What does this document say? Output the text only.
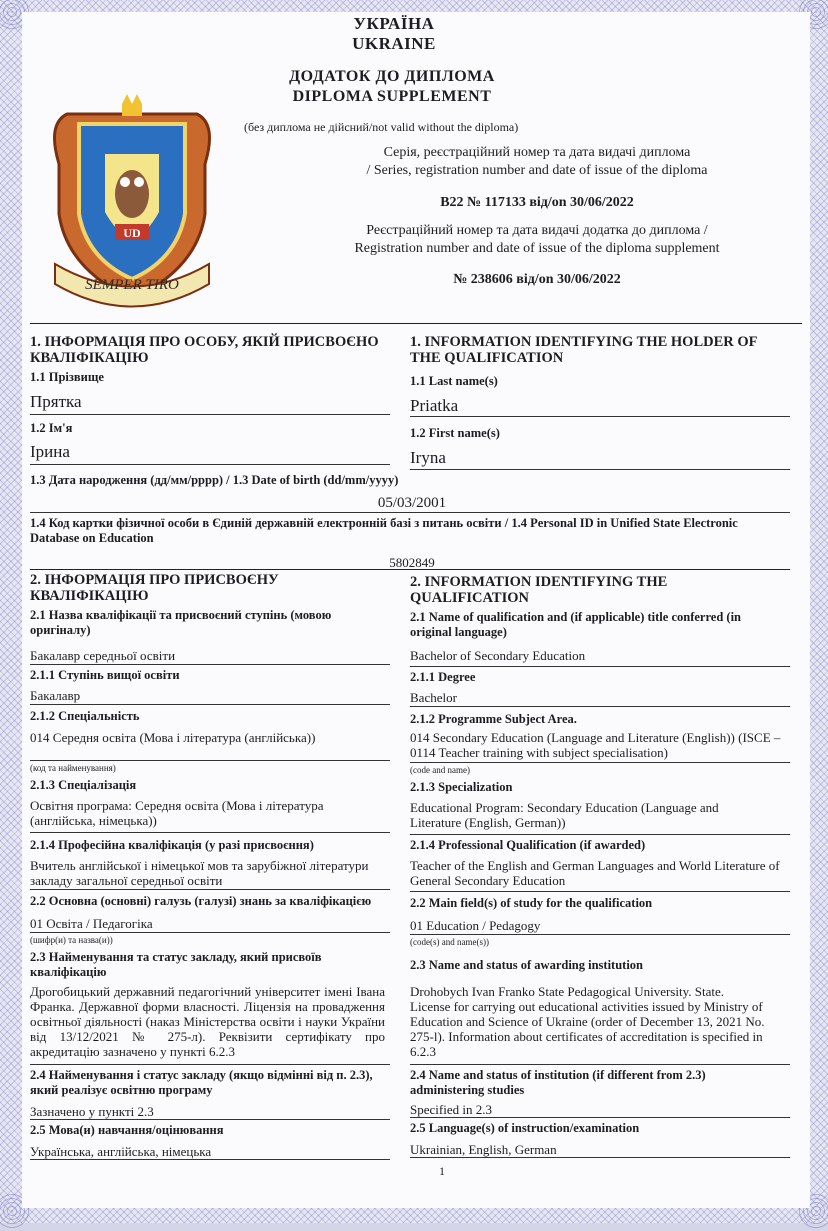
УКРАЇНА
UKRAINE
ДОДАТОК ДО ДИПЛОМА
DIPLOMA SUPPLEMENT
(без диплома не дійсний/not valid without the diploma)
Серія, реєстраційний номер та дата видачі диплома
/ Series, registration number and date of issue of the diploma
B22 № 117133 від/on 30/06/2022
Реєстраційний номер та дата видачі додатка до диплома /
Registration number and date of issue of the diploma supplement
№ 238606 від/on 30/06/2022
SEMPER TIRO
UD
1. ІНФОРМАЦІЯ ПРО ОСОБУ, ЯКІЙ ПРИСВОЄНО КВАЛІФІКАЦІЮ
1. INFORMATION IDENTIFYING THE HOLDER OF THE QUALIFICATION
1.1 Прізвище	1.1 Last name(s)
Прятка	Priatka
1.2 Ім'я	1.2 First name(s)
Ірина	Iryna
1.3 Дата народження (дд/мм/рррр) / 1.3 Date of birth (dd/mm/yyyy)
05/03/2001
1.4 Код картки фізичної особи в Єдиній державній електронній базі з питань освіти / 1.4 Personal ID in Unified State Electronic Database on Education
5802849
2. ІНФОРМАЦІЯ ПРО ПРИСВОЄНУ КВАЛІФІКАЦІЮ
2. INFORMATION IDENTIFYING THE QUALIFICATION
2.1 Назва кваліфікації та присвоєний ступінь (мовою оригіналу)
2.1 Name of qualification and (if applicable) title conferred (in original language)
Бакалавр середньої освіти	Bachelor of Secondary Education
2.1.1 Ступінь вищої освіти	2.1.1 Degree
Бакалавр	Bachelor
2.1.2 Спеціальність	2.1.2 Programme Subject Area.
014 Середня освіта (Мова і література (англійська))	014 Secondary Education (Language and Literature (English)) (ISCE – 0114 Teacher training with subject specialisation)
(код та найменування)	(code and name)
2.1.3 Спеціалізація	2.1.3 Specialization
Освітня програма: Середня освіта (Мова і література (англійська, німецька))
Educational Program: Secondary Education (Language and Literature (English, German))
2.1.4 Професійна кваліфікація (у разі присвоєння)	2.1.4 Professional Qualification (if awarded)
Вчитель англійської і німецької мов та зарубіжної літератури закладу загальної середньої освіти
Teacher of the English and German Languages and World Literature of General Secondary Education
2.2 Основна (основні) галузь (галузі) знань за кваліфікацією	2.2 Main field(s) of study for the qualification
01 Освіта / Педагогіка	01 Education / Pedagogy
(шифр(и) та назва(и))	(code(s) and name(s))
2.3 Найменування та статус закладу, який присвоїв кваліфікацію	2.3 Name and status of awarding institution
Дрогобицький державний педагогічний університет імені Івана Франка. Державної форми власності. Ліцензія на провадження освітньої діяльності (наказ Міністерства освіти і науки України від 13/12/2021 № 275-л). Реквізити сертифікату про акредитацію зазначено у пункті 6.2.3
Drohobych Ivan Franko State Pedagogical University. State. License for carrying out educational activities issued by Ministry of Education and Science of Ukraine (order of December 13, 2021 No. 275-l). Information about certificates of accreditation is specified in 6.2.3
2.4 Найменування і статус закладу (якщо відмінні від п. 2.3), який реалізує освітню програму
2.4 Name and status of institution (if different from 2.3) administering studies
Зазначено у пункті 2.3	Specified in 2.3
2.5 Мова(и) навчання/оцінювання	2.5 Language(s) of instruction/examination
Українська, англійська, німецька	Ukrainian, English, German
1
